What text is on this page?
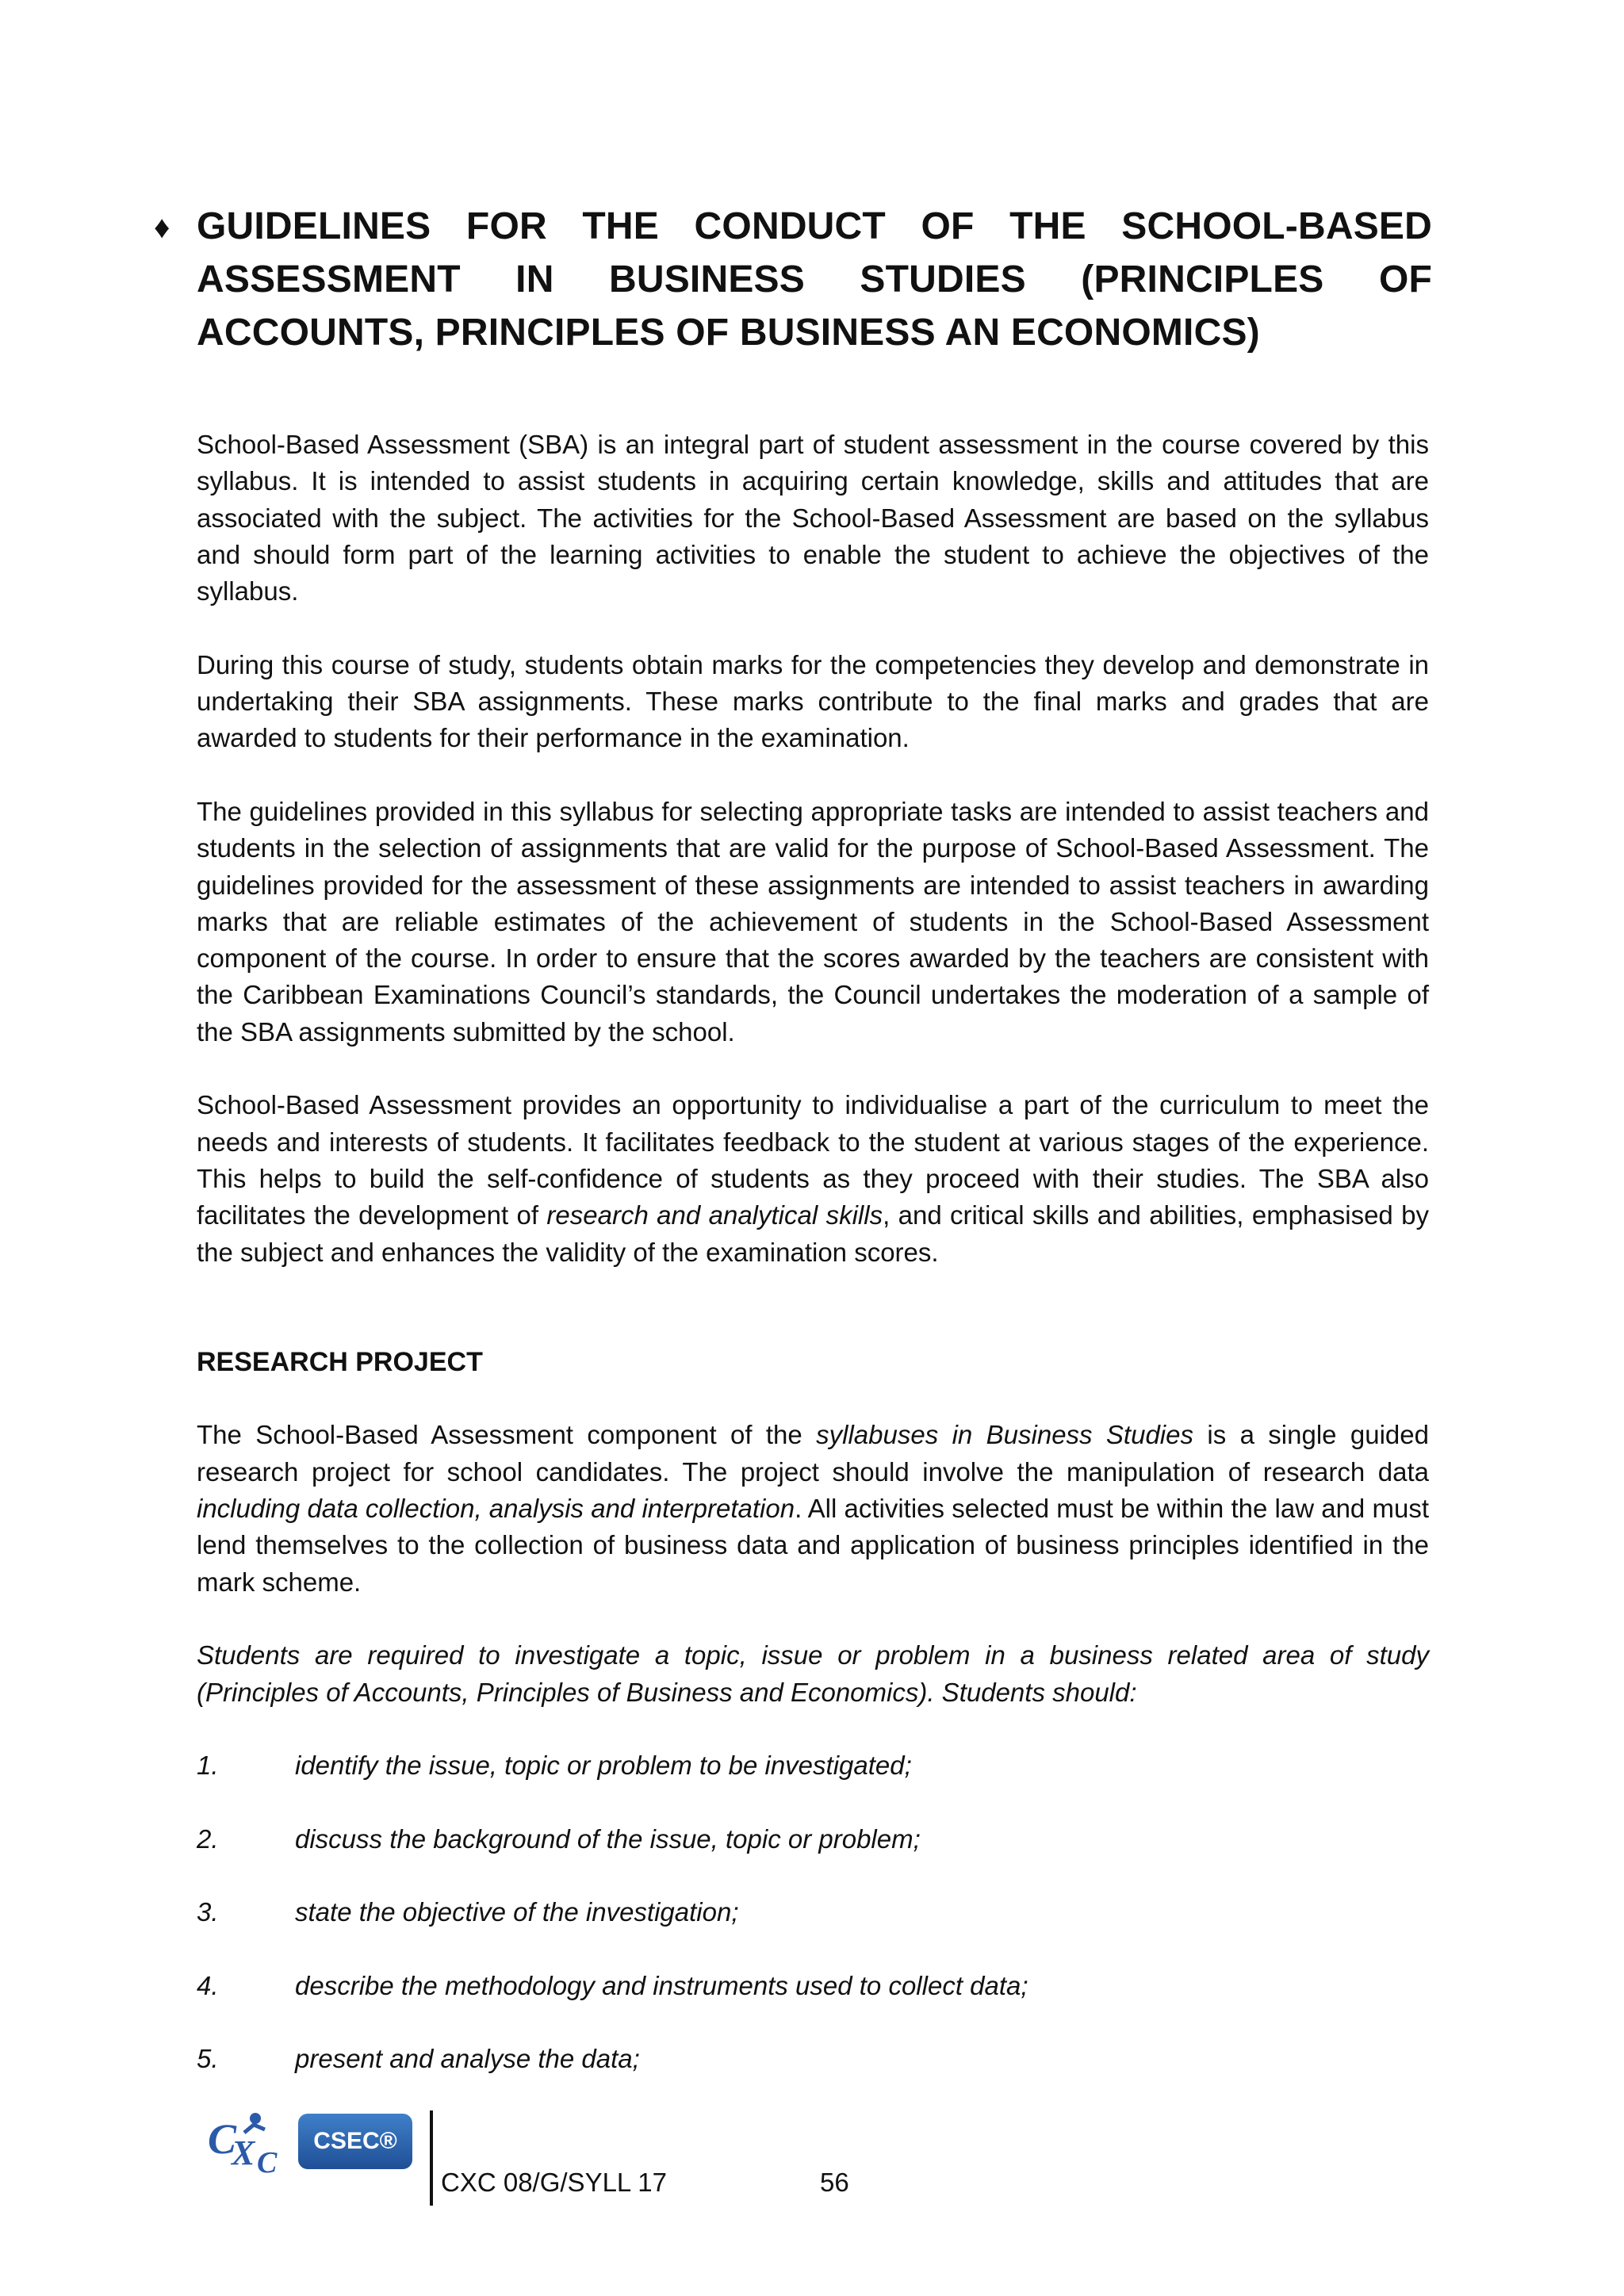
♦ GUIDELINES FOR THE CONDUCT OF THE SCHOOL-BASED ASSESSMENT IN BUSINESS STUDIES (PRINCIPLES OF ACCOUNTS, PRINCIPLES OF BUSINESS AN ECONOMICS)

School-Based Assessment (SBA) is an integral part of student assessment in the course covered by this syllabus. It is intended to assist students in acquiring certain knowledge, skills and attitudes that are associated with the subject. The activities for the School-Based Assessment are based on the syllabus and should form part of the learning activities to enable the student to achieve the objectives of the syllabus.

During this course of study, students obtain marks for the competencies they develop and demonstrate in undertaking their SBA assignments. These marks contribute to the final marks and grades that are awarded to students for their performance in the examination.

The guidelines provided in this syllabus for selecting appropriate tasks are intended to assist teachers and students in the selection of assignments that are valid for the purpose of School-Based Assessment. The guidelines provided for the assessment of these assignments are intended to assist teachers in awarding marks that are reliable estimates of the achievement of students in the School-Based Assessment component of the course. In order to ensure that the scores awarded by the teachers are consistent with the Caribbean Examinations Council’s standards, the Council undertakes the moderation of a sample of the SBA assignments submitted by the school.

School-Based Assessment provides an opportunity to individualise a part of the curriculum to meet the needs and interests of students. It facilitates feedback to the student at various stages of the experience. This helps to build the self-confidence of students as they proceed with their studies. The SBA also facilitates the development of research and analytical skills, and critical skills and abilities, emphasised by the subject and enhances the validity of the examination scores.

RESEARCH PROJECT

The School-Based Assessment component of the syllabuses in Business Studies is a single guided research project for school candidates. The project should involve the manipulation of research data including data collection, analysis and interpretation. All activities selected must be within the law and must lend themselves to the collection of business data and application of business principles identified in the mark scheme.

Students are required to investigate a topic, issue or problem in a business related area of study (Principles of Accounts, Principles of Business and Economics). Students should:

1.	identify the issue, topic or problem to be investigated;
2.	discuss the background of the issue, topic or problem;
3.	state the objective of the investigation;
4.	describe the methodology and instruments used to collect data;
5.	present and analyse the data;
C
X C
CSEC®
CXC 08/G/SYLL 17	56
